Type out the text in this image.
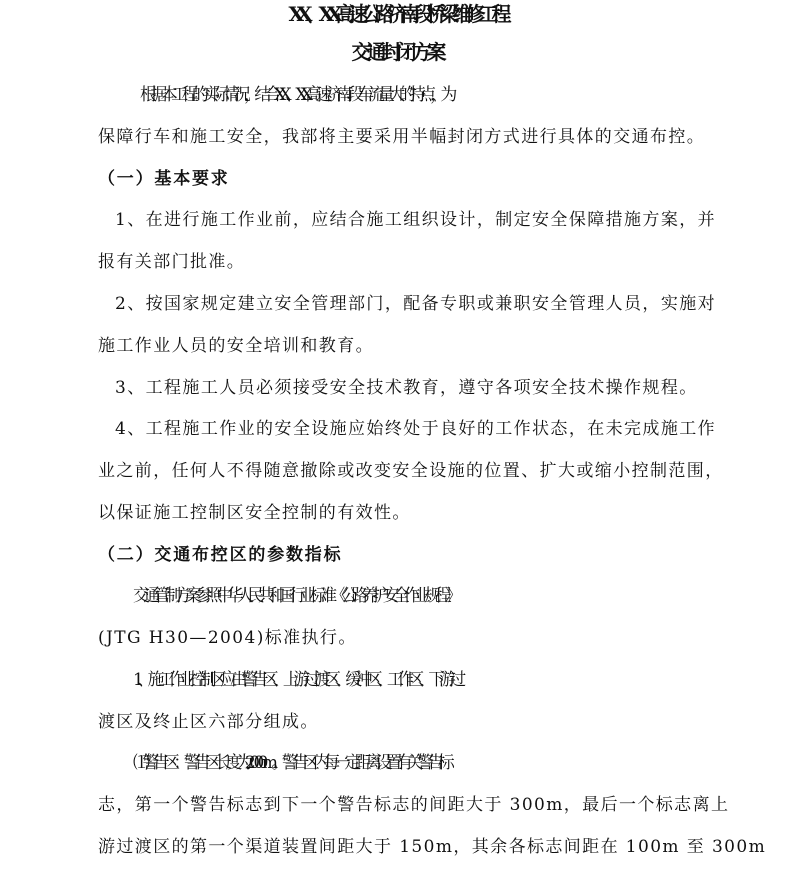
XX、XX 高速公路济南段桥梁维修工程
交通封闭方案
根据本工程的实际情况，结合 XX、XX 高速济南段车流量大的特点，为
保障行车和施工安全，我部将主要采用半幅封闭方式进行具体的交通布控。
（一）基本要求
1、在进行施工作业前，应结合施工组织设计，制定安全保障措施方案，并
报有关部门批准。
2、按国家规定建立安全管理部门，配备专职或兼职安全管理人员，实施对
施工作业人员的安全培训和教育。
3、工程施工人员必须接受安全技术教育，遵守各项安全技术操作规程。
4、工程施工作业的安全设施应始终处于良好的工作状态，在未完成施工作
业之前，任何人不得随意撤除或改变安全设施的位置、扩大或缩小控制范围，
以保证施工控制区安全控制的有效性。
（二）交通布控区的参数指标
交通管制方案参照中华人民共和国行业标准《公路养护安全作业规程》
(JTG H30—2004)标准执行。
1、施工作业控制区应由警告区、上游过渡区、缓冲区、工作区、下游过
渡区及终止区六部分组成。
⑴ 警告区：警告区长度为 2000m。警告区内每一定距离设置有关警告标
志，第一个警告标志到下一个警告标志的间距大于 300m，最后一个标志离上
游过渡区的第一个渠道装置间距大于 150m，其余各标志间距在 100m 至 300m
